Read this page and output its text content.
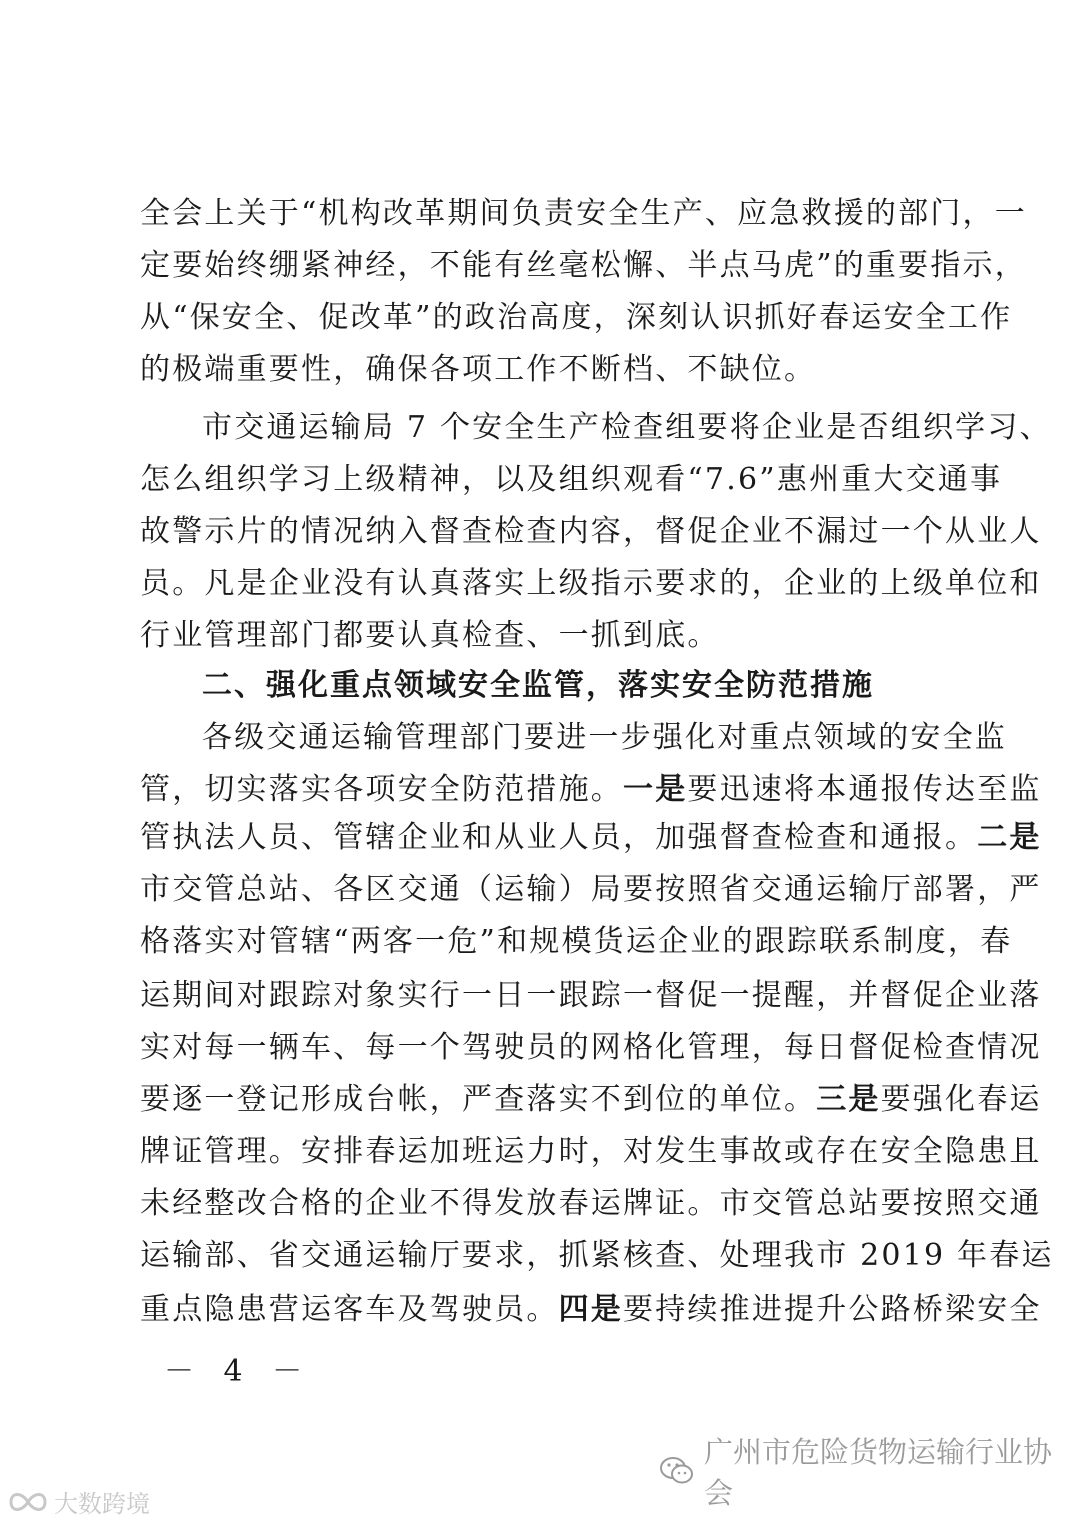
全会上关于“机构改革期间负责安全生产、应急救援的部门，一
定要始终绷紧神经，不能有丝毫松懈、半点马虎”的重要指示，
从“保安全、促改革”的政治高度，深刻认识抓好春运安全工作
的极端重要性，确保各项工作不断档、不缺位。
市交通运输局 7 个安全生产检查组要将企业是否组织学习、
怎么组织学习上级精神，以及组织观看“7.6”惠州重大交通事
故警示片的情况纳入督查检查内容，督促企业不漏过一个从业人
员。凡是企业没有认真落实上级指示要求的，企业的上级单位和
行业管理部门都要认真检查、一抓到底。
二、强化重点领域安全监管，落实安全防范措施
各级交通运输管理部门要进一步强化对重点领域的安全监
管，切实落实各项安全防范措施。一是要迅速将本通报传达至监
管执法人员、管辖企业和从业人员，加强督查检查和通报。二是
市交管总站、各区交通（运输）局要按照省交通运输厅部署，严
格落实对管辖“两客一危”和规模货运企业的跟踪联系制度，春
运期间对跟踪对象实行一日一跟踪一督促一提醒，并督促企业落
实对每一辆车、每一个驾驶员的网格化管理，每日督促检查情况
要逐一登记形成台帐，严查落实不到位的单位。三是要强化春运
牌证管理。安排春运加班运力时，对发生事故或存在安全隐患且
未经整改合格的企业不得发放春运牌证。市交管总站要按照交通
运输部、省交通运输厅要求，抓紧核查、处理我市 2019 年春运
重点隐患营运客车及驾驶员。四是要持续推进提升公路桥梁安全
－ 4 －
广州市危险货物运输行业协会
大数跨境
